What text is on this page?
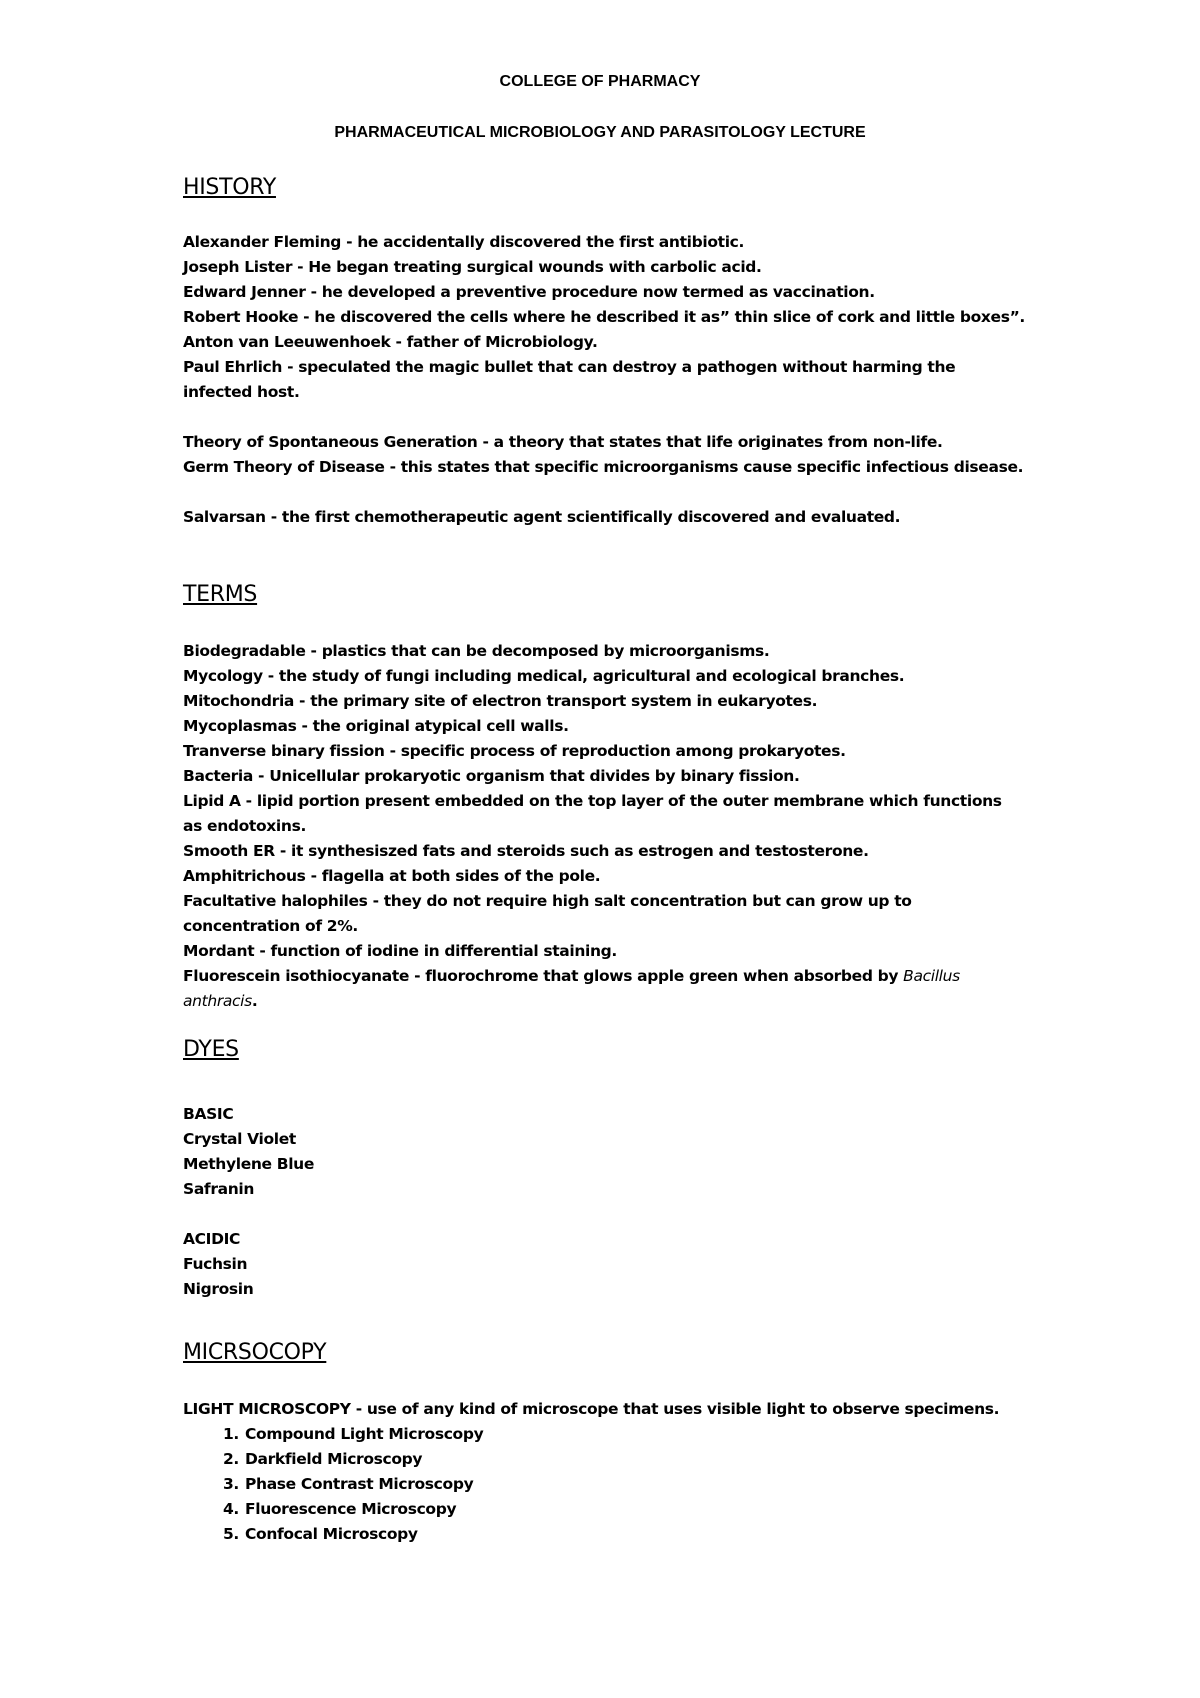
COLLEGE OF PHARMACY
PHARMACEUTICAL MICROBIOLOGY AND PARASITOLOGY LECTURE
HISTORY
Alexander Fleming - he accidentally discovered the first antibiotic.
Joseph Lister - He began treating surgical wounds with carbolic acid.
Edward Jenner - he developed a preventive procedure now termed as vaccination.
Robert Hooke - he discovered the cells where he described it as” thin slice of cork and little boxes”.
Anton van Leeuwenhoek - father of Microbiology.
Paul Ehrlich - speculated the magic bullet that can destroy a pathogen without harming the infected host.
Theory of Spontaneous Generation - a theory that states that life originates from non-life.
Germ Theory of Disease - this states that specific microorganisms cause specific infectious disease.
Salvarsan - the first chemotherapeutic agent scientifically discovered and evaluated.
TERMS
Biodegradable - plastics that can be decomposed by microorganisms.
Mycology - the study of fungi including medical, agricultural and ecological branches.
Mitochondria - the primary site of electron transport system in eukaryotes.
Mycoplasmas - the original atypical cell walls.
Tranverse binary fission - specific process of reproduction among prokaryotes.
Bacteria - Unicellular prokaryotic organism that divides by binary fission.
Lipid A - lipid portion present embedded on the top layer of the outer membrane which functions as endotoxins.
Smooth ER - it synthesiszed fats and steroids such as estrogen and testosterone.
Amphitrichous - flagella at both sides of the pole.
Facultative halophiles - they do not require high salt concentration but can grow up to concentration of 2%.
Mordant - function of iodine in differential staining.
Fluorescein isothiocyanate - fluorochrome that glows apple green when absorbed by Bacillus anthracis.
DYES
BASIC
Crystal Violet
Methylene Blue
Safranin
ACIDIC
Fuchsin
Nigrosin
MICRSOCOPY
LIGHT MICROSCOPY - use of any kind of microscope that uses visible light to observe specimens.
1. Compound Light Microscopy
2. Darkfield Microscopy
3. Phase Contrast Microscopy
4. Fluorescence Microscopy
5. Confocal Microscopy
